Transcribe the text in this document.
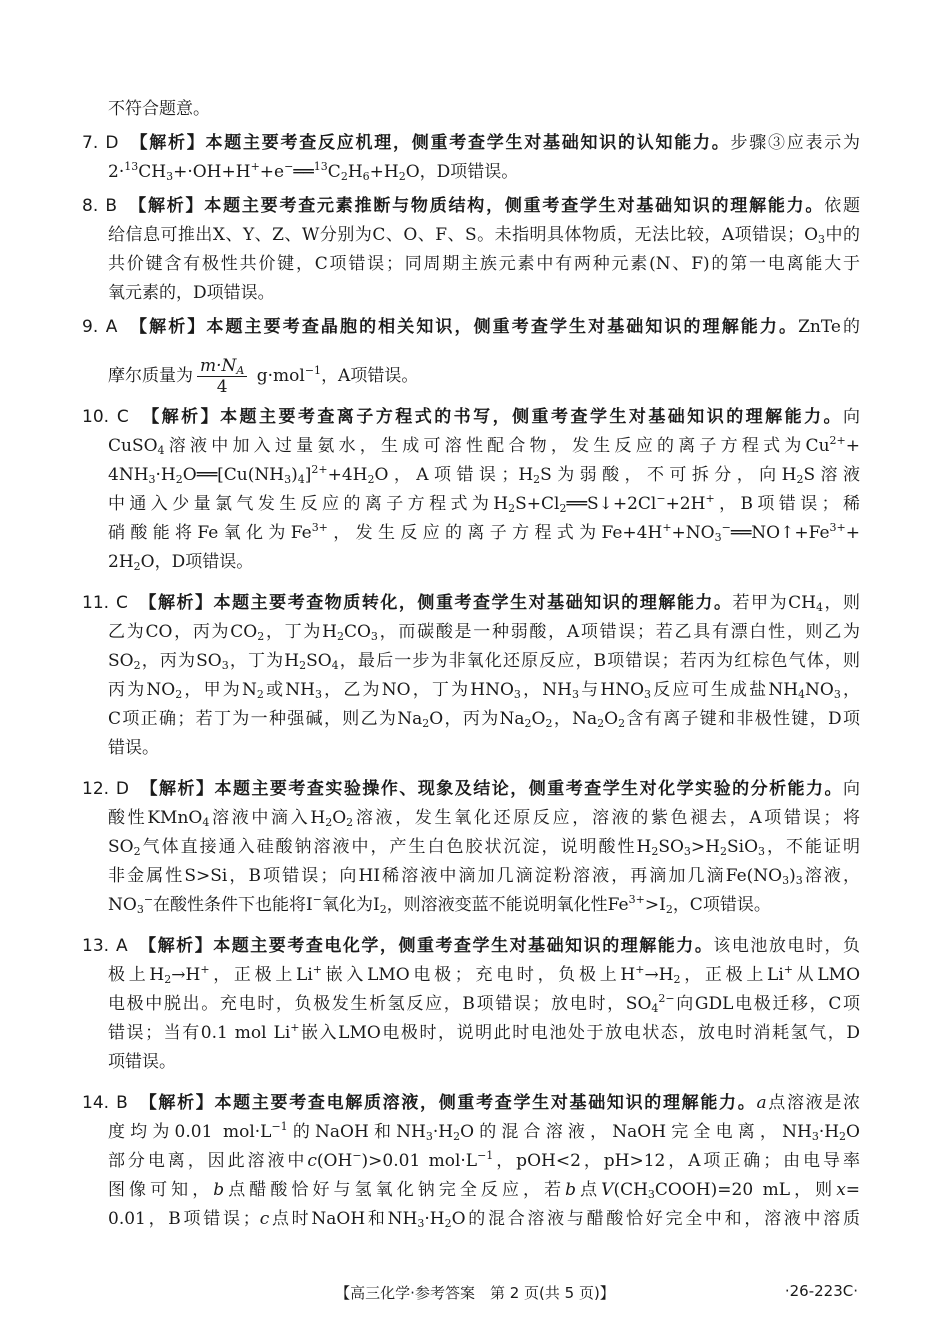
不符合题意。
7. D　 【解析】本题主要考查反应机理，侧重考查学生对基础知识的认知能力。步骤③应表示为
$2\cdot^{13}CH_3+\cdot OH+H^++e^-══^{13}C_2H_6+H_2O$，D项错误。
8. B　 【解析】本题主要考查元素推断与物质结构，侧重考查学生对基础知识的理解能力。依题
给信息可推出X、Y、Z、W分别为C、O、F、S。未指明具体物质，无法比较，A项错误；$O_3$中的
共价键含有极性共价键，C项错误；同周期主族元素中有两种元素(N、F)的第一电离能大于
氧元素的，D项错误。
9. A　 【解析】本题主要考查晶胞的相关知识，侧重考查学生对基础知识的理解能力。ZnTe的
摩尔质量为 $\frac{m\cdot N_A}{4} g\cdot mol^{-1}$，A项错误。
10. C　 【解析】本题主要考查离子方程式的书写，侧重考查学生对基础知识的理解能力。向
CuSO$_4$溶液中加入过量氨水，生成可溶性配合物，发生反应的离子方程式为$Cu^{2+}+$
$4NH_3\cdot H_2O══[Cu(NH_3)_4]^{2+}+4H_2O$，A项错误；$H_2S$为弱酸，不可拆分，向$H_2S$溶液
中通入少量氯气发生反应的离子方程式为$H_2S+Cl_2══S↓+2Cl^-+2H^+$，B项错误；稀
硝酸能将Fe氧化为$Fe^{3+}$，发生反应的离子方程式为$Fe+4H^++NO_3^-══NO↑+Fe^{3+}+$
$2H_2O$，D项错误。
11. C　 【解析】本题主要考查物质转化，侧重考查学生对基础知识的理解能力。若甲为$CH_4$，则
乙为CO，丙为$CO_2$，丁为$H_2CO_3$，而碳酸是一种弱酸，A项错误；若乙具有漂白性，则乙为
$SO_2$，丙为$SO_3$，丁为$H_2SO_4$，最后一步为非氧化还原反应，B项错误；若丙为红棕色气体，则
丙为$NO_2$，甲为$N_2$或$NH_3$，乙为NO，丁为$HNO_3$，$NH_3$与$HNO_3$反应可生成盐$NH_4NO_3$，
C项正确；若丁为一种强碱，则乙为$Na_2O$，丙为$Na_2O_2$，$Na_2O_2$含有离子键和非极性键，D项
错误。
12. D　 【解析】本题主要考查实验操作、现象及结论，侧重考查学生对化学实验的分析能力。向
酸性KMnO$_4$溶液中滴入$H_2O_2$溶液，发生氧化还原反应，溶液的紫色褪去，A项错误；将
$SO_2$气体直接通入硅酸钠溶液中，产生白色胶状沉淀，说明酸性$H_2SO_3>H_2SiO_3$，不能证明
非金属性S>Si，B项错误；向HI稀溶液中滴加几滴淀粉溶液，再滴加几滴$Fe(NO_3)_3$溶液，
$NO_3^-$在酸性条件下也能将I−氧化为$I_2$，则溶液变蓝不能说明氧化性$Fe^{3+}>I_2$，C项错误。
13. A　 【解析】本题主要考查电化学，侧重考查学生对基础知识的理解能力。该电池放电时，负
极上$H_2\to H^+$，正极上Li+嵌入LMO电极；充电时，负极上$H^+\to H_2$，正极上Li+从LMO
电极中脱出。充电时，负极发生析氢反应，B项错误；放电时，$SO_4^{2-}$向GDL电极迁移，C项
错误；当有0.1 mol Li+嵌入LMO电极时，说明此时电池处于放电状态，放电时消耗氢气，D
项错误。
14. B　 【解析】本题主要考查电解质溶液，侧重考查学生对基础知识的理解能力。a点溶液是浓
度均为0.01 $mol\cdot L^{-1}$的NaOH和$NH_3\cdot H_2O$的混合溶液，NaOH完全电离，$NH_3\cdot H_2O$
部分电离，因此溶液中c(OH−)>0.01 $mol\cdot L^{-1}$，pOH<2，pH>12，A项正确；由电导率
图像可知，b点醋酸恰好与氢氧化钠完全反应，若b点$V(CH_3COOH)=20$ mL，则x=
0.01，B项错误；c点时NaOH和$NH_3\cdot H_2O$的混合溶液与醋酸恰好完全中和，溶液中溶质
【高三化学·参考答案　第 2 页(共 5 页)】	·26-223C·
